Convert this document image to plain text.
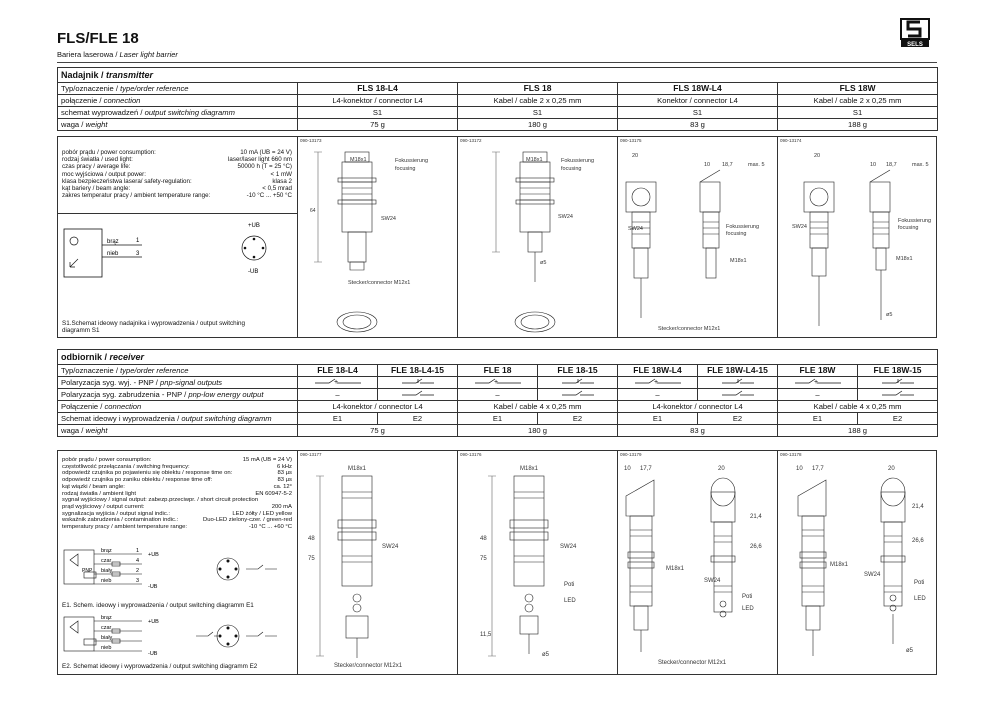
FLS/FLE 18
Bariera laserowa / Laser light barrier
SELS
Nadajnik / transmitter				
Typ/oznaczenie / type/order reference	FLS 18-L4	FLS 18	FLS 18W-L4	FLS 18W
połączenie / connection	L4-konektor / connector L4	Kabel / cable 2 x 0,25 mm	Konektor / connector L4	Kabel / cable 2 x 0,25 mm
schemat wyprowadzeń / output switching diagramm	S1	S1	S1	S1
waga / weight	75 g	180 g	83 g	188 g
pobór prądu / power consumption:	10 mA (UB = 24 V)
rodzaj światła / used light:	laser/laser light 660 nm
czas pracy / average life:	50000 h (T = 25 °C)
moc wyjściowa / output power:	< 1 mW
klasa bezpieczeństwa lasera/ safety-regulation:	klasa 2
kąt bariery / beam angle:	< 0,5 mrad
zakres temperatur pracy / ambient temperature range:	-10 °C ... +50 °C
brąz
nieb
1
3
+UB
-UB
S1.Schemat ideowy nadajnika i wyprowadzenia / output switching diagramm S1
090-13173	090-13172	090-13175	090-13174
M18x1	Fokussierung
focusing
SW24
Stecker/connector M12x1
64
M18x1	Fokussierung
focusing
SW24
ø5
20
10 18,7	max. 5
Fokussierung
focusing
M18x1
SW24
Stecker/connector M12x1
20
10 18,7	max. 5
Fokussierung
focusing
M18x1
SW24
ø5
odbiornik / receiver								
Typ/oznaczenie / type/order reference	FLE 18-L4	FLE 18-L4-15	FLE 18	FLE 18-15	FLE 18W-L4	FLE 18W-L4-15	FLE 18W	FLE 18W-15
Polaryzacja syg. wyj. - PNP / pnp-signal outputs	+		+		+		+

Polaryzacja syg. zabrudzenia - PNP / pnp-low energy output	–		–		–		–	
Połączenie / connection	L4-konektor / connector L4		Kabel / cable 4 x 0,25 mm		L4-konektor / connector L4		Kabel / cable 4 x 0,25 mm	
Schemat ideowy i wyprowadzenia / output switching diagramm	E1	E2	E1	E2	E1	E2	E1	E2
waga / weight	75 g		180 g		83 g		188 g	
pobór prądu / power consumption:	15 mA (UB = 24 V)
częstotliwość przełączania / switching frequency:	6 kHz
odpowiedź czujnika po pojawieniu się obiektu / response time on:	83 µs
odpowiedź czujnika po zaniku obiektu / response time off:	83 µs
kąt wiązki / beam angle:	ca. 12°
rodzaj światła / ambient light	EN 60947-5-2
sygnał wyjściowy / signal output: zabezp.przeciwpr. / short circuit protection
prąd wyjściowy / output current:	200 mA
sygnalizacja wyjścia / output signal indic.:	LED żółty / LED yellow
wskaźnik zabrudzenia / contamination indic.:	Duo-LED zielony-czer. / green-red
temperatury pracy / ambient temperature range:	-10 °C ... +60 °C
brąz
czar
biały
nieb
1
4
2
3
PNP
+UB
-UB
E1. Schem. ideowy i wyprowadzenia / output switching diagramm E1
brąz
czar
biały
nieb
+UB
-UB
E2. Schemat ideowy i wyprowadzenia / output switching diagramm E2
090-13177	090-13176	090-13179	090-13178
M18x1
SW24
48
75
Stecker/connector M12x1
M18x1
SW24
Poti
LED
48
75
11,5
ø5
10 17,7	20
M18x1
SW24
Poti
LED
21,4
26,6
Stecker/connector M12x1
10 17,7	20
M18x1
SW24
Poti
LED
21,4
26,6
ø5
